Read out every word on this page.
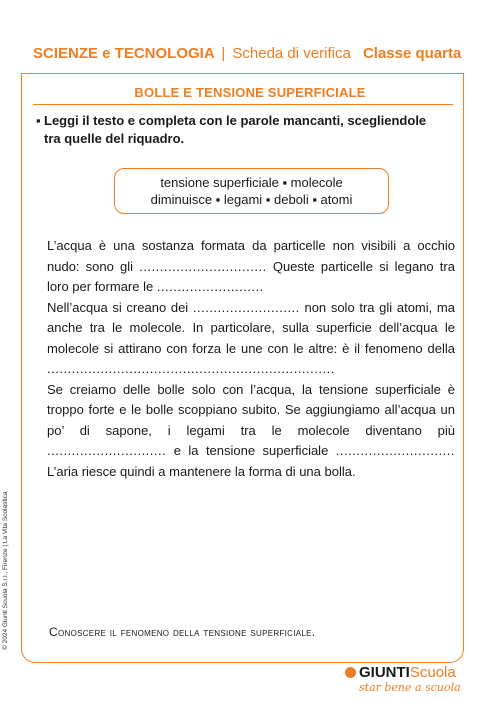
SCIENZE e TECNOLOGIA | Scheda di verifica Classe quarta
BOLLE E TENSIONE SUPERFICIALE
▪ Leggi il testo e completa con le parole mancanti, scegliendole
tra quelle del riquadro.
tensione superficiale ▪ molecole
diminuisce ▪ legami ▪ deboli ▪ atomi

L’acqua è una sostanza formata da particelle non visibili a occhio nudo: sono gli ............................... Queste particelle si legano tra loro per formare le ..........................

Nell’acqua si creano dei .......................... non solo tra gli atomi, ma anche tra le molecole. In particolare, sulla superficie dell’acqua le molecole si attirano con forza le une con le altre: è il fenomeno della ......................................................................

Se creiamo delle bolle solo con l’acqua, la tensione superficiale è troppo forte e le bolle scoppiano subito. Se aggiungiamo all’acqua un po’ di sapone, i legami tra le molecole diventano più ............................. e la tensione superficiale ............................. L’aria riesce quindi a mantenere la forma di una bolla.

Conoscere il fenomeno della tensione superficiale.
© 2024 Giunti Scuola S.r.l., Firenze | La Vita Scolastica
GIUNTIScuola
star bene a scuola
